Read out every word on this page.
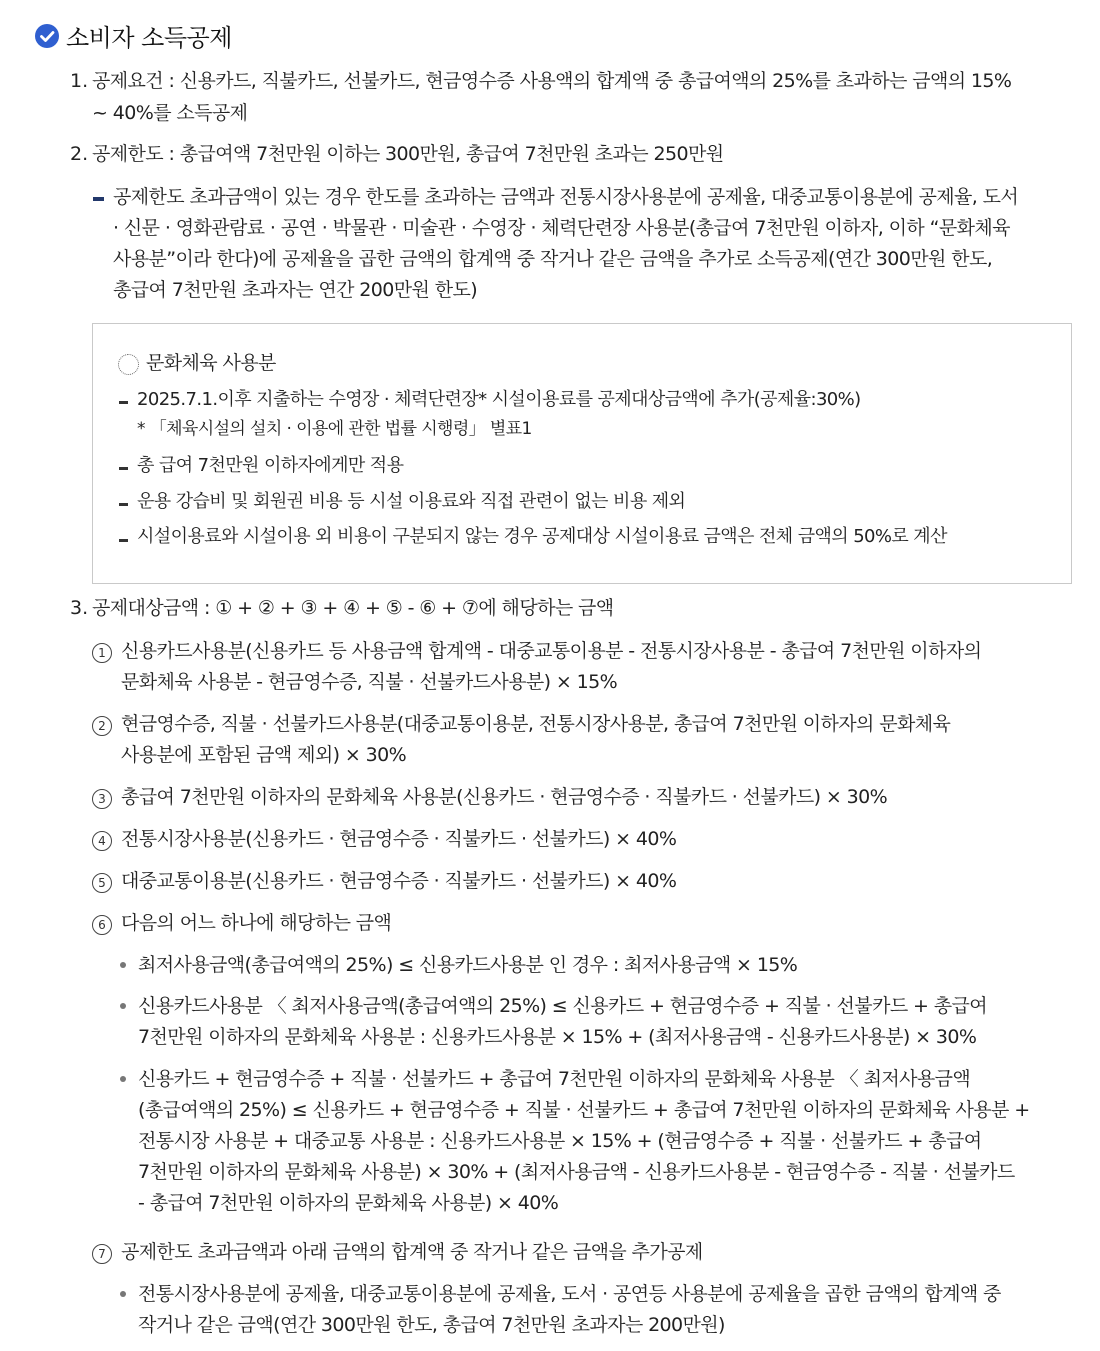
소비자 소득공제
1. 공제요건 : 신용카드, 직불카드, 선불카드, 현금영수증 사용액의 합계액 중 총급여액의 25%를 초과하는 금액의 15%
~ 40%를 소득공제
2. 공제한도 : 총급여액 7천만원 이하는 300만원, 총급여 7천만원 초과는 250만원
공제한도 초과금액이 있는 경우 한도를 초과하는 금액과 전통시장사용분에 공제율, 대중교통이용분에 공제율, 도서
· 신문 · 영화관람료 · 공연 · 박물관 · 미술관 · 수영장 · 체력단련장 사용분(총급여 7천만원 이하자, 이하 “문화체육
사용분”이라 한다)에 공제율을 곱한 금액의 합계액 중 작거나 같은 금액을 추가로 소득공제(연간 300만원 한도,
총급여 7천만원 초과자는 연간 200만원 한도)
문화체육 사용분
2025.7.1.이후 지출하는 수영장 · 체력단련장* 시설이용료를 공제대상금액에 추가(공제율:30%)
* 「체육시설의 설치 · 이용에 관한 법률 시행령」 별표1
총 급여 7천만원 이하자에게만 적용
운용 강습비 및 회원권 비용 등 시설 이용료와 직접 관련이 없는 비용 제외
시설이용료와 시설이용 외 비용이 구분되지 않는 경우 공제대상 시설이용료 금액은 전체 금액의 50%로 계산
3. 공제대상금액 : ① + ② + ③ + ④ + ⑤ - ⑥ + ⑦에 해당하는 금액
1 신용카드사용분(신용카드 등 사용금액 합계액 - 대중교통이용분 - 전통시장사용분 - 총급여 7천만원 이하자의
문화체육 사용분 - 현금영수증, 직불 · 선불카드사용분) × 15%
2 현금영수증, 직불 · 선불카드사용분(대중교통이용분, 전통시장사용분, 총급여 7천만원 이하자의 문화체육
사용분에 포함된 금액 제외) × 30%
3 총급여 7천만원 이하자의 문화체육 사용분(신용카드 · 현금영수증 · 직불카드 · 선불카드) × 30%
4 전통시장사용분(신용카드 · 현금영수증 · 직불카드 · 선불카드) × 40%
5 대중교통이용분(신용카드 · 현금영수증 · 직불카드 · 선불카드) × 40%
6 다음의 어느 하나에 해당하는 금액
최저사용금액(총급여액의 25%) ≤ 신용카드사용분 인 경우 : 최저사용금액 × 15%
신용카드사용분 〈 최저사용금액(총급여액의 25%) ≤ 신용카드 + 현금영수증 + 직불 · 선불카드 + 총급여
7천만원 이하자의 문화체육 사용분 : 신용카드사용분 × 15% + (최저사용금액 - 신용카드사용분) × 30%
신용카드 + 현금영수증 + 직불 · 선불카드 + 총급여 7천만원 이하자의 문화체육 사용분 〈 최저사용금액
(총급여액의 25%) ≤ 신용카드 + 현금영수증 + 직불 · 선불카드 + 총급여 7천만원 이하자의 문화체육 사용분 +
전통시장 사용분 + 대중교통 사용분 : 신용카드사용분 × 15% + (현금영수증 + 직불 · 선불카드 + 총급여
7천만원 이하자의 문화체육 사용분) × 30% + (최저사용금액 - 신용카드사용분 - 현금영수증 - 직불 · 선불카드
- 총급여 7천만원 이하자의 문화체육 사용분) × 40%
7 공제한도 초과금액과 아래 금액의 합계액 중 작거나 같은 금액을 추가공제
전통시장사용분에 공제율, 대중교통이용분에 공제율, 도서 · 공연등 사용분에 공제율을 곱한 금액의 합계액 중
작거나 같은 금액(연간 300만원 한도, 총급여 7천만원 초과자는 200만원)
